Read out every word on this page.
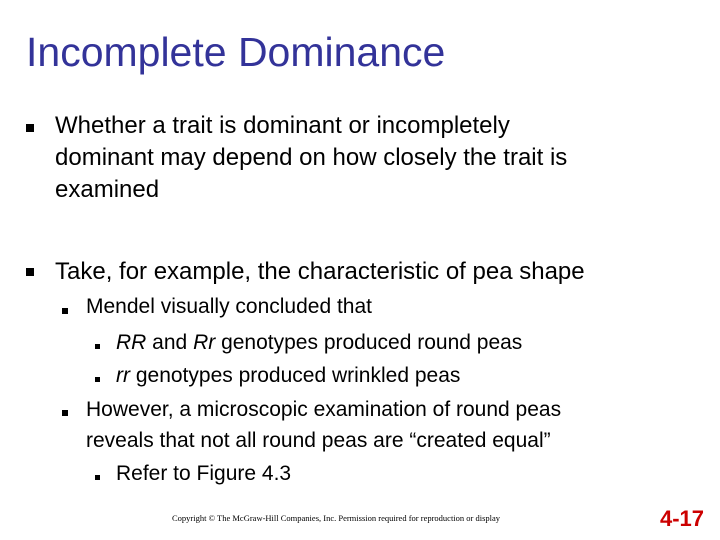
Incomplete Dominance
Whether a trait is dominant or incompletely
dominant may depend on how closely the trait is
examined
Take, for example, the characteristic of pea shape
Mendel visually concluded that
RR and Rr genotypes produced round peas
rr genotypes produced wrinkled peas
However, a microscopic examination of round peas
reveals that not all round peas are “created equal”
Refer to Figure 4.3
Copyright © The McGraw-Hill Companies, Inc. Permission required for reproduction or display	4-17
